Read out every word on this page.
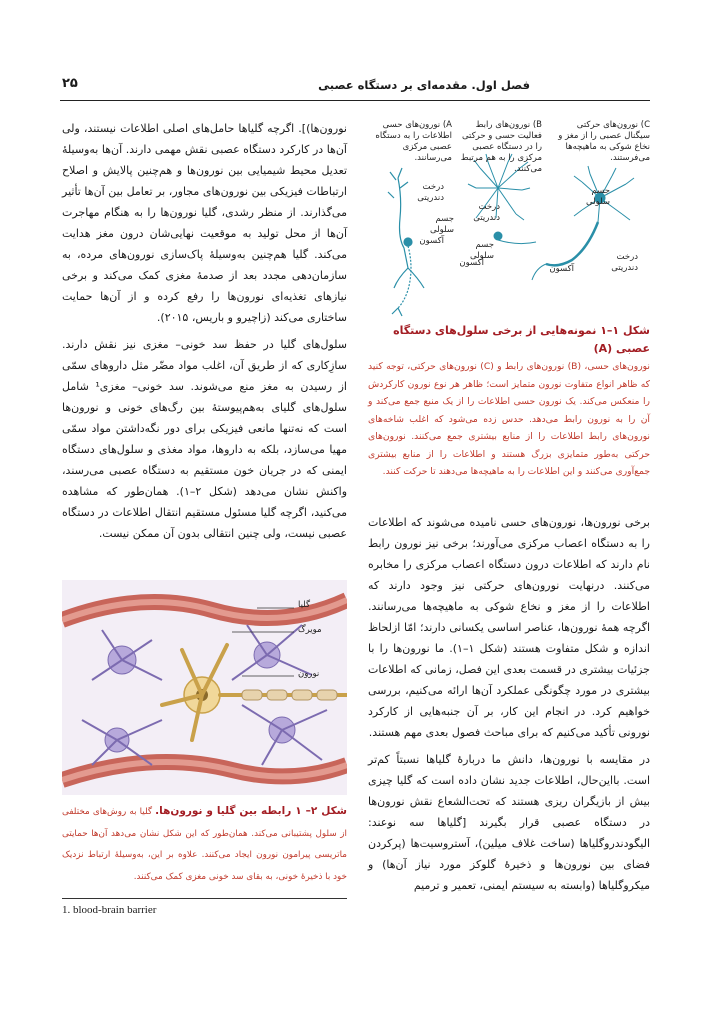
فصل اول. مقدمه‌ای بر دستگاه عصبی
۲۵

نورون‌ها)]. اگرچه گلیاها حامل‌های اصلی اطلاعات نیستند، ولی آن‌ها در کارکرد دستگاه عصبی نقش مهمی دارند. آن‌ها به‌وسیلهٔ تعدیل محیط شیمیایی بین نورون‌ها و هم‌چنین پالایش و اصلاح ارتباطات فیزیکی بین نورون‌های مجاور، بر تعامل بین آن‌ها تأثیر می‌گذارند. از منظر رشدی، گلیا نورون‌ها را به هنگام مهاجرت آن‌ها از محل تولید به موقعیت نهایی‌شان درون مغز هدایت می‌کند. گلیا هم‌چنین به‌وسیلهٔ پاک‌سازی نورون‌های مرده، به سازمان‌دهی مجدد بعد از صدمهٔ مغزی کمک می‌کند و برخی نیازهای تغذیه‌ای نورون‌ها را رفع کرده و از آن‌ها حمایت ساختاری می‌کند (زاچیرو و باریس، ۲۰۱۵).

سلول‌های گلیا در حفظ سد خونی– مغزی نیز نقش دارند. سازِکاری که از طریق آن، اغلب مواد مضّر مثل داروهای سمّی از رسیدن به مغز منع می‌شوند. سد خونی– مغزی¹ شامل سلول‌های گلیای به‌هم‌پیوستهٔ بین رگ‌های خونی و نورون‌ها است که نه‌تنها مانعی فیزیکی برای دور نگه‌داشتن مواد سمّی مهیا می‌سازد، بلکه به داروها، مواد مغذی و سلول‌های دستگاه ایمنی که در جریان خون مستقیم به دستگاه عصبی می‌رسند، واکنش نشان می‌دهد (شکل ۲–۱). همان‌طور که مشاهده می‌کنید، اگرچه گلیا مسئول مستقیم انتقال اطلاعات در دستگاه عصبی نیست، ولی چنین انتقالی بدون آن ممکن نیست.

A) نورون‌های حسی اطلاعات را به دستگاه عصبی مرکزی می‌رسانند.
B) نورون‌های رابط فعالیت حسی و حرکتی را در دستگاه عصبی مرکزی را به هم مرتبط می‌کنند.
C) نورون‌های حرکتی سیگنال عصبی را از مغز و نخاع شوکی به ماهیچه‌ها می‌فرستند.
درخت دندریتی
جسم سلولی
آکسون
درخت دندریتی
جسم سلولی
آکسون
جسم سلولی
درخت دندریتی
آکسون
شکل ۱–۱ نمونه‌هایی از برخی سلول‌های دستگاه عصبی (A)
نورون‌های حسی، (B) نورون‌های رابط و (C) نورون‌های حرکتی، توجه کنید که ظاهر انواع متفاوت نورون متمایز است؛ ظاهر هر نوع نورون کارکردش را منعکس می‌کند. یک نورون حسی اطلاعات را از یک منبع جمع می‌کند و آن را به نورون رابط می‌دهد. حدس زده می‌شود که اغلب شاخه‌های نورون‌های رابط اطلاعات را از منابع بیشتری جمع می‌کنند. نورون‌های حرکتی به‌طور متمایزی بزرگ هستند و اطلاعات را از منابع بیشتری جمع‌آوری می‌کنند و این اطلاعات را به ماهیچه‌ها می‌دهند تا حرکت کنند.

برخی نورون‌ها، نورون‌های حسی نامیده می‌شوند که اطلاعات را به دستگاه اعصاب مرکزی می‌آورند؛ برخی نیز نورون رابط نام دارند که اطلاعات درون دستگاه اعصاب مرکزی را مخابره می‌کنند. درنهایت نورون‌های حرکتی نیز وجود دارند که اطلاعات را از مغز و نخاع شوکی به ماهیچه‌ها می‌رسانند. اگرچه همهٔ نورون‌ها، عناصر اساسی یکسانی دارند؛ امّا ازلحاظ اندازه و شکل متفاوت هستند (شکل ۱–۱). ما نورون‌ها را با جزئیات بیشتری در قسمت بعدی این فصل، زمانی که اطلاعات بیشتری در مورد چگونگی عملکرد آن‌ها ارائه می‌کنیم، بررسی خواهیم کرد. در انجام این کار، بر آن جنبه‌هایی از کارکرد نورونی تأکید می‌کنیم که برای مباحث فصول بعدی مهم هستند.

در مقایسه با نورون‌ها، دانش ما دربارهٔ گلیاها نسبتاً کم‌تر است. بااین‌حال، اطلاعات جدید نشان داده است که گلیا چیزی بیش از بازیگران ریزی هستند که تحت‌الشعاع نقش نورون‌ها در دستگاه عصبی قرار بگیرند [گلیاها سه نوعند: الیگودندروگلیاها (ساخت غلاف میلین)، آستروسیت‌ها (پرکردن فضای بین نورون‌ها و ذخیرهٔ گلوکز مورد نیاز آن‌ها) و میکروگلیاها (وابسته به سیستم ایمنی، تعمیر و ترمیم

گلیا
مویرگ
نورون
شکل ۲– ۱ رابطه بین گلیا و نورون‌ها. گلیا به روش‌های مختلفی از سلول پشتیبانی می‌کند. همان‌طور که این شکل نشان می‌دهد آن‌ها حمایتی ماتریسی پیرامون نورون ایجاد می‌کنند. علاوه بر این، به‌وسیلهٔ ارتباط نزدیک خود با ذخیرهٔ خونی، به بقای سد خونی مغزی کمک می‌کنند.
1. blood-brain barrier
